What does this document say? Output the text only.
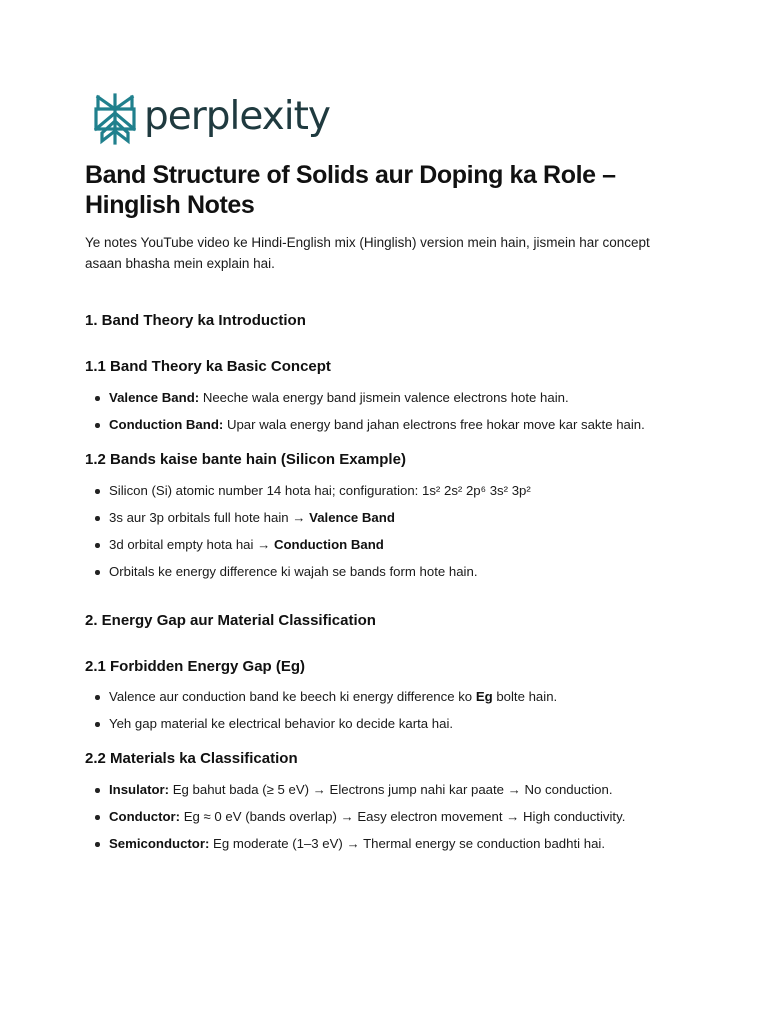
perplexity
Band Structure of Solids aur Doping ka Role – Hinglish Notes

Ye notes YouTube video ke Hindi-English mix (Hinglish) version mein hain, jismein har concept asaan bhasha mein explain hai.

1. Band Theory ka Introduction
1.1 Band Theory ka Basic Concept
Valence Band: Neeche wala energy band jismein valence electrons hote hain.
Conduction Band: Upar wala energy band jahan electrons free hokar move kar sakte hain.
1.2 Bands kaise bante hain (Silicon Example)
Silicon (Si) atomic number 14 hota hai; configuration: 1s² 2s² 2p⁶ 3s² 3p²
3s aur 3p orbitals full hote hain → Valence Band
3d orbital empty hota hai → Conduction Band
Orbitals ke energy difference ki wajah se bands form hote hain.
2. Energy Gap aur Material Classification
2.1 Forbidden Energy Gap (Eg)
Valence aur conduction band ke beech ki energy difference ko Eg bolte hain.
Yeh gap material ke electrical behavior ko decide karta hai.
2.2 Materials ka Classification
Insulator: Eg bahut bada (≥ 5 eV) → Electrons jump nahi kar paate → No conduction.
Conductor: Eg ≈ 0 eV (bands overlap) → Easy electron movement → High conductivity.
Semiconductor: Eg moderate (1–3 eV) → Thermal energy se conduction badhti hai.
